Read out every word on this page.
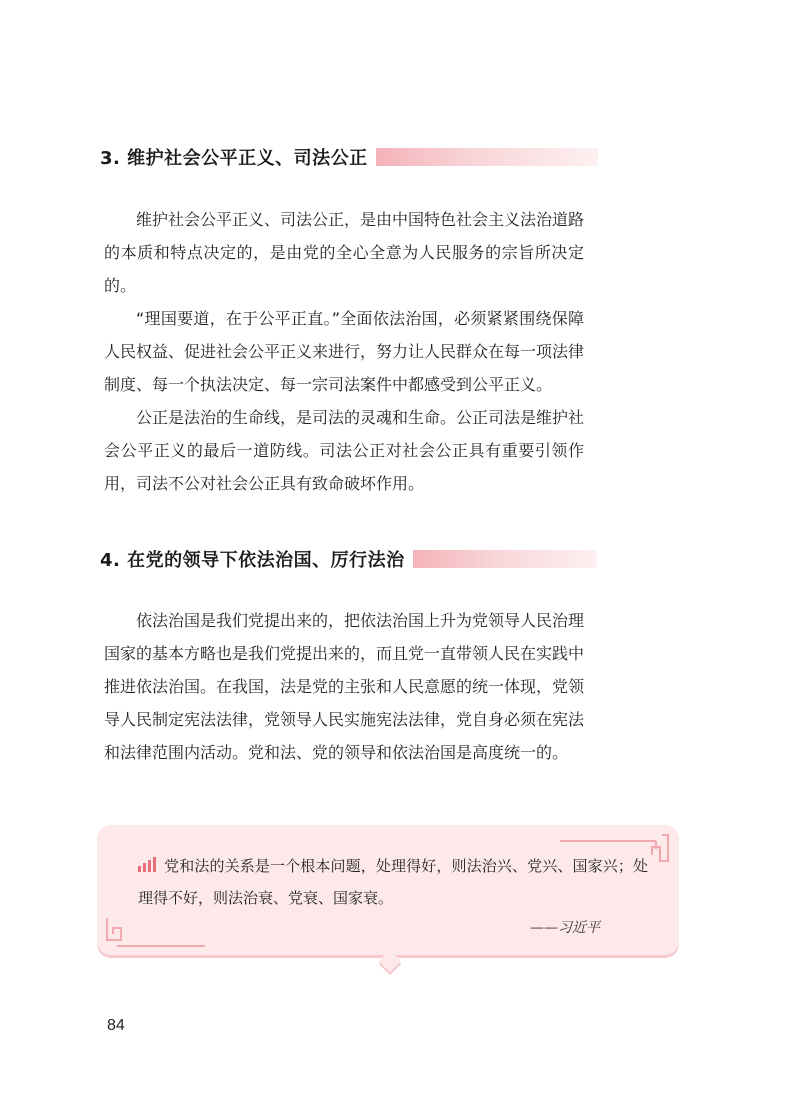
3. 维护社会公平正义、司法公正

维护社会公平正义、司法公正，是由中国特色社会主义法治道路的本质和特点决定的，是由党的全心全意为人民服务的宗旨所决定的。

“理国要道，在于公平正直。”全面依法治国，必须紧紧围绕保障人民权益、促进社会公平正义来进行，努力让人民群众在每一项法律制度、每一个执法决定、每一宗司法案件中都感受到公平正义。

公正是法治的生命线，是司法的灵魂和生命。公正司法是维护社会公平正义的最后一道防线。司法公正对社会公正具有重要引领作用，司法不公对社会公正具有致命破坏作用。

4. 在党的领导下依法治国、厉行法治

依法治国是我们党提出来的，把依法治国上升为党领导人民治理国家的基本方略也是我们党提出来的，而且党一直带领人民在实践中推进依法治国。在我国，法是党的主张和人民意愿的统一体现，党领导人民制定宪法法律，党领导人民实施宪法法律，党自身必须在宪法和法律范围内活动。党和法、党的领导和依法治国是高度统一的。

党和法的关系是一个根本问题，处理得好，则法治兴、党兴、国家兴；处理得不好，则法治衰、党衰、国家衰。
——习近平
84
